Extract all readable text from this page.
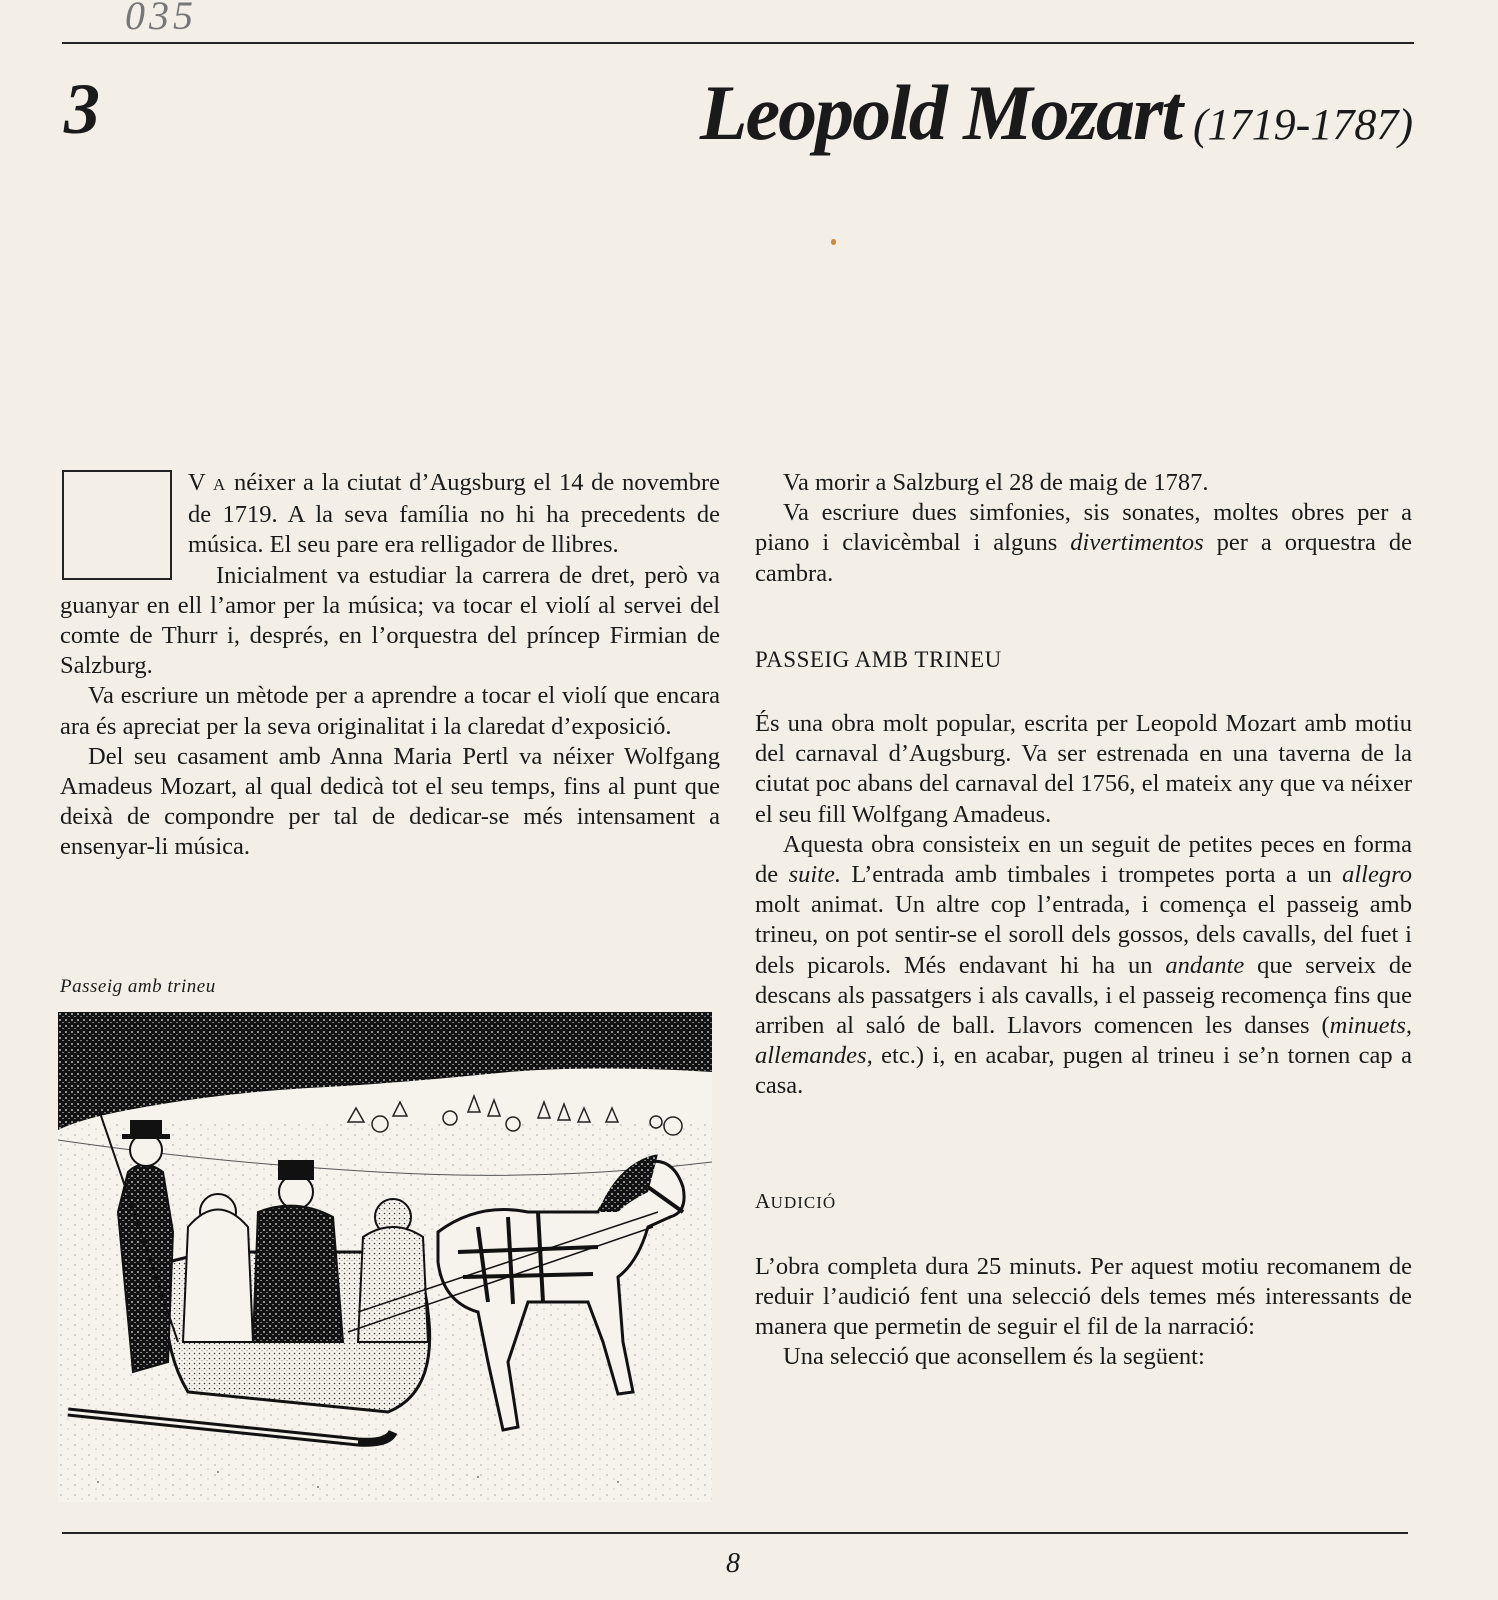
035
3	Leopold Mozart (1719-1787)

V A néixer a la ciutat d’Augsburg el 14 de novembre de 1719. A la seva família no hi ha precedents de música. El seu pare era relligador de llibres.

Inicialment va estudiar la carrera de dret, però va guanyar en ell l’amor per la música; va tocar el violí al servei del comte de Thurr i, després, en l’orquestra del príncep Firmian de Salzburg.

Va escriure un mètode per a aprendre a tocar el violí que encara ara és apreciat per la seva originalitat i la claredat d’exposició.

Del seu casament amb Anna Maria Pertl va néixer Wolfgang Amadeus Mozart, al qual dedicà tot el seu temps, fins al punt que deixà de compondre per tal de dedicar-se més intensament a ensenyar-li música.

Passeig amb trineu

Va morir a Salzburg el 28 de maig de 1787.

Va escriure dues simfonies, sis sonates, moltes obres per a piano i clavicèmbal i alguns divertimentos per a orquestra de cambra.

PASSEIG AMB TRINEU

És una obra molt popular, escrita per Leopold Mozart amb motiu del carnaval d’Augsburg. Va ser estrenada en una taverna de la ciutat poc abans del carnaval del 1756, el mateix any que va néixer el seu fill Wolfgang Amadeus.

Aquesta obra consisteix en un seguit de petites peces en forma de suite. L’entrada amb timbales i trompetes porta a un allegro molt animat. Un altre cop l’entrada, i comença el passeig amb trineu, on pot sentir-se el soroll dels gossos, dels cavalls, del fuet i dels picarols. Més endavant hi ha un andante que serveix de descans als passatgers i als cavalls, i el passeig recomença fins que arriben al saló de ball. Llavors comencen les danses (minuets, allemandes, etc.) i, en acabar, pugen al trineu i se’n tornen cap a casa.

AUDICIÓ

L’obra completa dura 25 minuts. Per aquest motiu recomanem de reduir l’audició fent una selecció dels temes més interessants de manera que permetin de seguir el fil de la narració:

Una selecció que aconsellem és la següent:

8
